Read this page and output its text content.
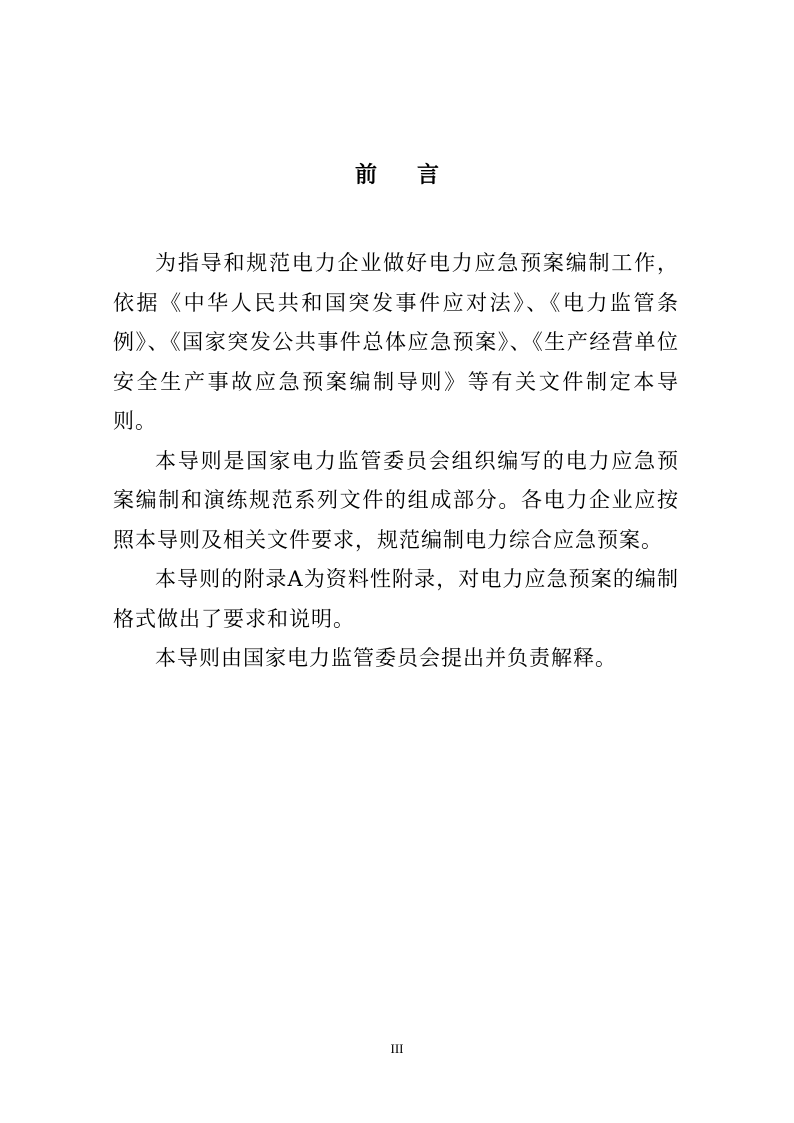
前言

为指导和规范电力企业做好电力应急预案编制工作，依据《中华人民共和国突发事件应对法》、《电力监管条例》、《国家突发公共事件总体应急预案》、《生产经营单位安全生产事故应急预案编制导则》等有关文件制定本导则。

本导则是国家电力监管委员会组织编写的电力应急预案编制和演练规范系列文件的组成部分。各电力企业应按照本导则及相关文件要求，规范编制电力综合应急预案。

本导则的附录A为资料性附录，对电力应急预案的编制格式做出了要求和说明。

本导则由国家电力监管委员会提出并负责解释。

III
